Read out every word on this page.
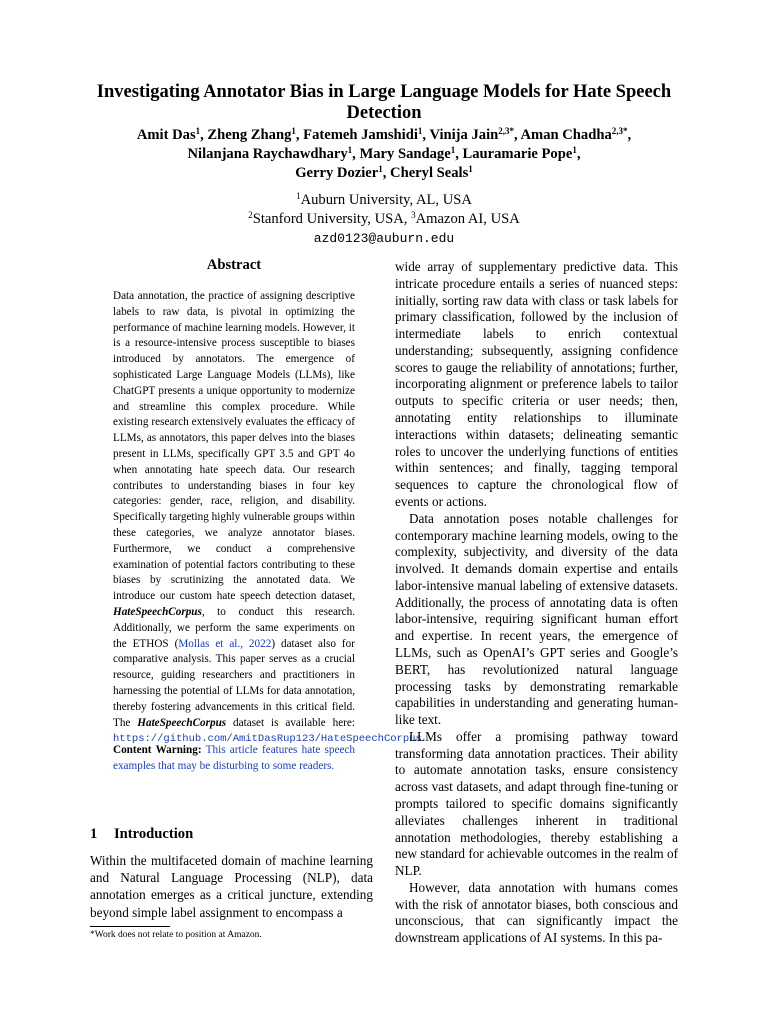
Investigating Annotator Bias in Large Language Models for Hate Speech Detection
Amit Das$^1$, Zheng Zhang$^1$, Fatemeh Jamshidi$^1$, Vinija Jain$^{2,3*}$, Aman Chadha$^{2,3*}$,
Nilanjana Raychawdhary$^1$, Mary Sandage$^1$, Lauramarie Pope$^1$,
Gerry Dozier$^1$, Cheryl Seals$^1$
$^1$Auburn University, AL, USA
$^2$Stanford University, USA, $^3$Amazon AI, USA
azd0123@auburn.edu
Abstract
Data annotation, the practice of assigning descriptive labels to raw data, is pivotal in optimizing the performance of machine learning models. However, it is a resource-intensive process susceptible to biases introduced by annotators. The emergence of sophisticated Large Language Models (LLMs), like ChatGPT presents a unique opportunity to modernize and streamline this complex procedure. While existing research extensively evaluates the efficacy of LLMs, as annotators, this paper delves into the biases present in LLMs, specifically GPT 3.5 and GPT 4o when annotating hate speech data. Our research contributes to understanding biases in four key categories: gender, race, religion, and disability. Specifically targeting highly vulnerable groups within these categories, we analyze annotator biases. Furthermore, we conduct a comprehensive examination of potential factors contributing to these biases by scrutinizing the annotated data. We introduce our custom hate speech detection dataset, HateSpeechCorpus, to conduct this research. Additionally, we perform the same experiments on the ETHOS (Mollas et al., 2022) dataset also for comparative analysis. This paper serves as a crucial resource, guiding researchers and practitioners in harnessing the potential of LLMs for data annotation, thereby fostering advancements in this critical field. The HateSpeechCorpus dataset is available here: https://github.com/AmitDasRup123/HateSpeechCorpus
Content Warning: This article features hate speech examples that may be disturbing to some readers.
1 Introduction
Within the multifaceted domain of machine learning and Natural Language Processing (NLP), data annotation emerges as a critical juncture, extending beyond simple label assignment to encompass a
*Work does not relate to position at Amazon.

wide array of supplementary predictive data. This intricate procedure entails a series of nuanced steps: initially, sorting raw data with class or task labels for primary classification, followed by the inclusion of intermediate labels to enrich contextual understanding; subsequently, assigning confidence scores to gauge the reliability of annotations; further, incorporating alignment or preference labels to tailor outputs to specific criteria or user needs; then, annotating entity relationships to illuminate interactions within datasets; delineating semantic roles to uncover the underlying functions of entities within sentences; and finally, tagging temporal sequences to capture the chronological flow of events or actions.

Data annotation poses notable challenges for contemporary machine learning models, owing to the complexity, subjectivity, and diversity of the data involved. It demands domain expertise and entails labor-intensive manual labeling of extensive datasets. Additionally, the process of annotating data is often labor-intensive, requiring significant human effort and expertise. In recent years, the emergence of LLMs, such as OpenAI’s GPT series and Google’s BERT, has revolutionized natural language processing tasks by demonstrating remarkable capabilities in understanding and generating human-like text.

LLMs offer a promising pathway toward transforming data annotation practices. Their ability to automate annotation tasks, ensure consistency across vast datasets, and adapt through fine-tuning or prompts tailored to specific domains significantly alleviates challenges inherent in traditional annotation methodologies, thereby establishing a new standard for achievable outcomes in the realm of NLP.

However, data annotation with humans comes with the risk of annotator biases, both conscious and unconscious, that can significantly impact the downstream applications of AI systems. In this pa-
